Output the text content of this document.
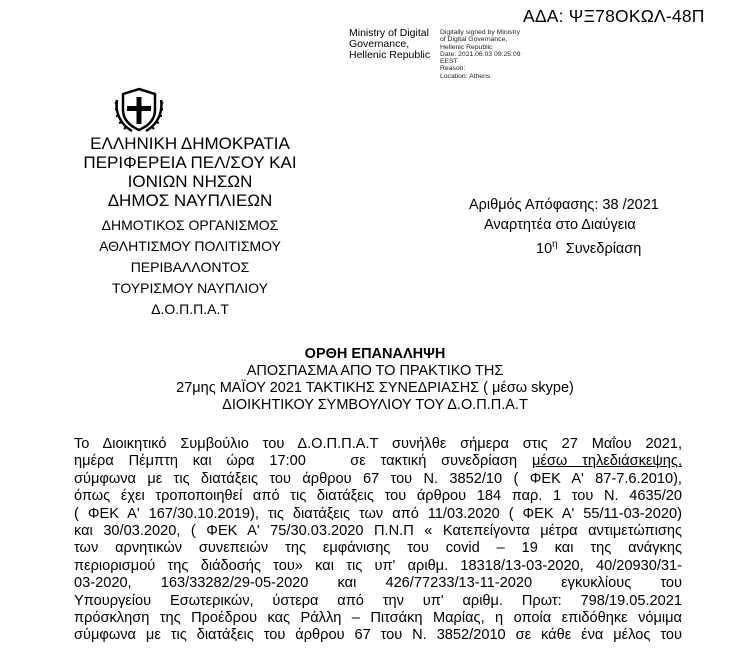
ΑΔΑ: ΨΞ78ΟΚΩΛ-48Π
Ministry of Digital
Governance,
Hellenic Republic
Digitally signed by Ministry
of Digital Governance,
Hellenic Republic
Date: 2021.06.03 09:25:09
EEST
Reason:
Location: Athens
ΕΛΛΗΝΙΚΗ ΔΗΜΟΚΡΑΤΙΑ
ΠΕΡΙΦΕΡΕΙΑ ΠΕΛ/ΣΟΥ ΚΑΙ
ΙΟΝΙΩΝ ΝΗΣΩΝ
ΔΗΜΟΣ ΝΑΥΠΛΙΕΩΝ
ΔΗΜΟΤΙΚΟΣ ΟΡΓΑΝΙΣΜΟΣ
ΑΘΛΗΤΙΣΜΟΥ ΠΟΛΙΤΙΣΜΟΥ
ΠΕΡΙΒΑΛΛΟΝΤΟΣ
ΤΟΥΡΙΣΜΟΥ ΝΑΥΠΛΙΟΥ
Δ.Ο.Π.Π.Α.Τ
Αριθμός Απόφασης: 38 /2021
Αναρτητέα στο Διαύγεια
$10^\eta$ Συνεδρίαση
ΟΡΘΗ ΕΠΑΝΑΛΗΨΗ
ΑΠΟΣΠΑΣΜΑ ΑΠΟ ΤΟ ΠΡΑΚΤΙΚΟ ΤΗΣ
27μης ΜΑΪΟΥ 2021 ΤΑΚΤΙΚΗΣ ΣΥΝΕΔΡΙΑΣΗΣ ( μέσω skype)
ΔΙΟΙΚΗΤΙΚΟΥ ΣΥΜΒΟΥΛΙΟΥ ΤΟΥ Δ.Ο.Π.Π.Α.Τ
Το Διοικητικό Συμβούλιο του Δ.Ο.Π.Π.Α.Τ συνήλθε σήμερα στις 27 Μαΐου 2021,
ημέρα Πέμπτη και ώρα 17:00   σε τακτική συνεδρίαση μέσω τηλεδιάσκεψης,
σύμφωνα με τις διατάξεις του άρθρου 67 του Ν. 3852/10 ( ΦΕΚ Α' 87-7.6.2010),
όπως έχει τροποποιηθεί από τις διατάξεις του άρθρου 184 παρ. 1 του Ν. 4635/20
( ΦΕΚ Α' 167/30.10.2019), τις διατάξεις των από 11/03.2020 ( ΦΕΚ Α' 55/11-03-2020)
και 30/03.2020, ( ΦΕΚ Α' 75/30.03.2020 Π.Ν.Π « Κατεπείγοντα μέτρα αντιμετώπισης
των αρνητικών συνεπειών της εμφάνισης του covid – 19 και της ανάγκης
περιορισμού της διάδοσής του» και τις υπ' αριθμ. 18318/13-03-2020, 40/20930/31-
03-2020, 163/33282/29-05-2020 και 426/77233/13-11-2020 εγκυκλίους του
Υπουργείου Εσωτερικών, ύστερα από την υπ' αριθμ. Πρωτ: 798/19.05.2021
πρόσκληση της Προέδρου κας Ράλλη – Πιτσάκη Μαρίας, η οποία επιδόθηκε νόμιμα
σύμφωνα με τις διατάξεις του άρθρου 67 του Ν. 3852/2010 σε κάθε ένα μέλος του
